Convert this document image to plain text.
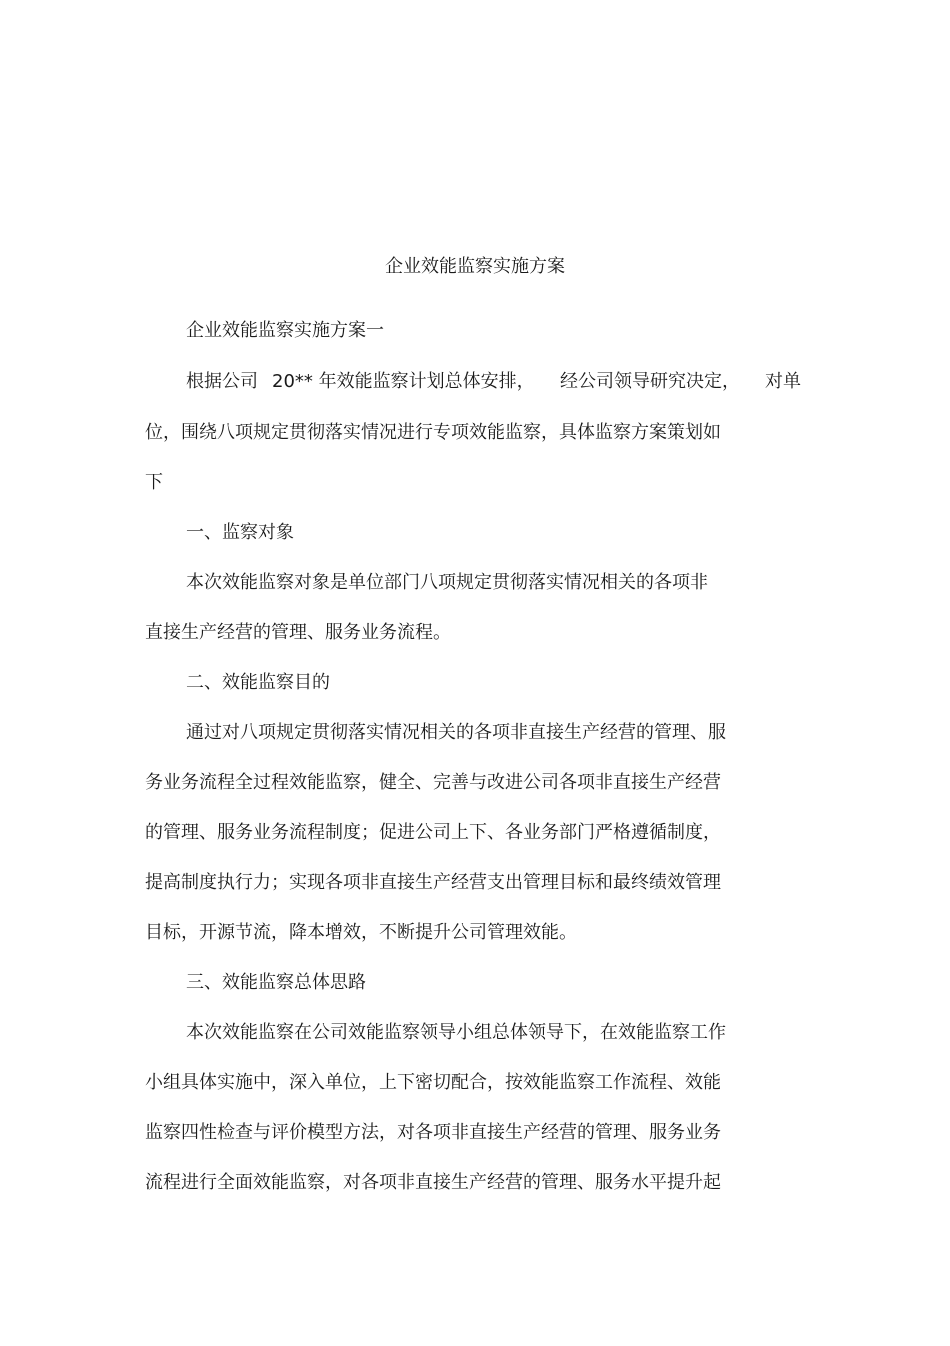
企业效能监察实施方案
企业效能监察实施方案一
根据公司 20** 年效能监察计划总体安排， 经公司领导研究决定， 对单
位，围绕八项规定贯彻落实情况进行专项效能监察，具体监察方案策划如
下
一、监察对象
本次效能监察对象是单位部门八项规定贯彻落实情况相关的各项非
直接生产经营的管理、服务业务流程。
二、效能监察目的
通过对八项规定贯彻落实情况相关的各项非直接生产经营的管理、服
务业务流程全过程效能监察，健全、完善与改进公司各项非直接生产经营
的管理、服务业务流程制度；促进公司上下、各业务部门严格遵循制度，
提高制度执行力；实现各项非直接生产经营支出管理目标和最终绩效管理
目标，开源节流，降本增效，不断提升公司管理效能。
三、效能监察总体思路
本次效能监察在公司效能监察领导小组总体领导下，在效能监察工作
小组具体实施中，深入单位，上下密切配合，按效能监察工作流程、效能
监察四性检查与评价模型方法，对各项非直接生产经营的管理、服务业务
流程进行全面效能监察，对各项非直接生产经营的管理、服务水平提升起
